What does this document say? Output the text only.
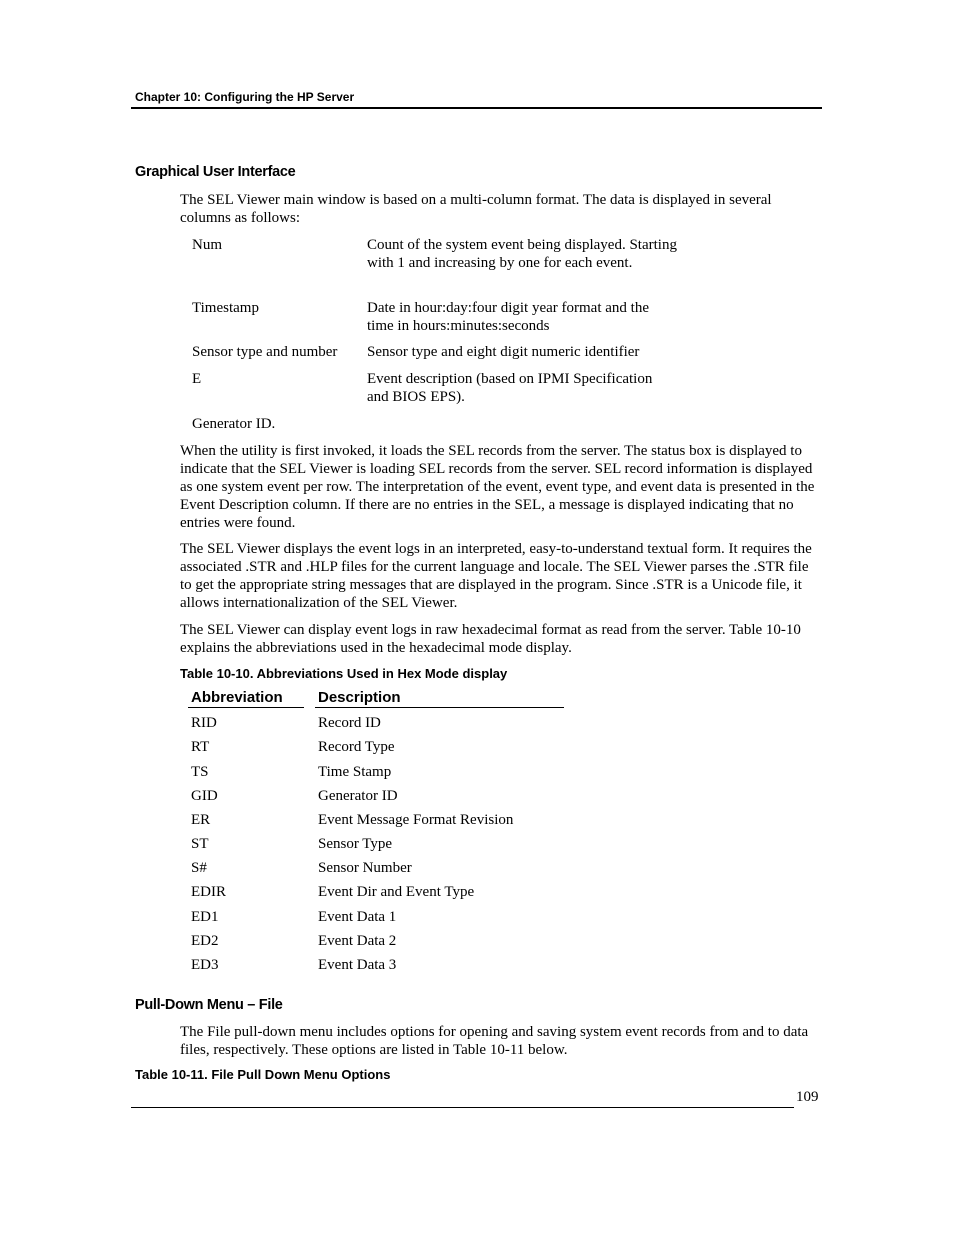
Chapter 10: Configuring the HP Server
Graphical User Interface
The SEL Viewer main window is based on a multi-column format. The data is displayed in several columns as follows:
Num	Count of the system event being displayed. Starting with 1 and increasing by one for each event.
Timestamp	Date in hour:day:four digit year format and the time in hours:minutes:seconds
Sensor type and number	Sensor type and eight digit numeric identifier
E	Event description (based on IPMI Specification and BIOS EPS).
Generator ID.
When the utility is first invoked, it loads the SEL records from the server. The status box is displayed to indicate that the SEL Viewer is loading SEL records from the server. SEL record information is displayed as one system event per row. The interpretation of the event, event type, and event data is presented in the Event Description column. If there are no entries in the SEL, a message is displayed indicating that no entries were found.
The SEL Viewer displays the event logs in an interpreted, easy-to-understand textual form. It requires the associated .STR and .HLP files for the current language and locale. The SEL Viewer parses the .STR file to get the appropriate string messages that are displayed in the program. Since .STR is a Unicode file, it allows internationalization of the SEL Viewer.
The SEL Viewer can display event logs in raw hexadecimal format as read from the server. Table 10-10 explains the abbreviations used in the hexadecimal mode display.
Table 10-10. Abbreviations Used in Hex Mode display
Abbreviation Description
RID	Record ID
RT	Record Type
TS	Time Stamp
GID	Generator ID
ER	Event Message Format Revision
ST	Sensor Type
S#	Sensor Number
EDIR	Event Dir and Event Type
ED1	Event Data 1
ED2	Event Data 2
ED3	Event Data 3
Pull-Down Menu – File
The File pull-down menu includes options for opening and saving system event records from and to data files, respectively. These options are listed in Table 10-11 below.
Table 10-11. File Pull Down Menu Options
109
